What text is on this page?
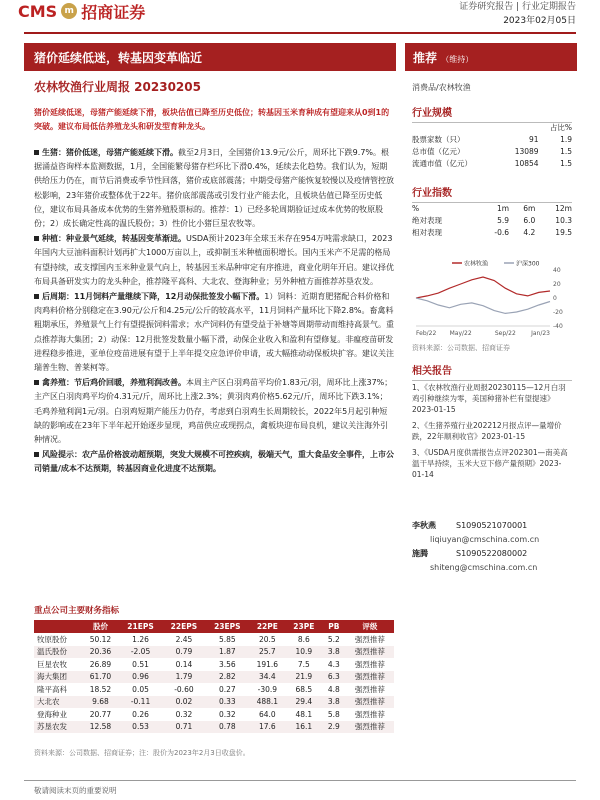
CMS m 招商证券	证券研究报告 | 行业定期报告
2023年02月05日
猪价延续低迷，转基因变革临近
农林牧渔行业周报 20230205
猪价延续低迷，母猪产能延续下滑，板块估值已降至历史低位；转基因玉米育种成有望迎来从0到1的突破。建议布局低估养殖龙头和研发型育种龙头。

生猪：猪价低迷，母猪产能延续下滑。截至2月3日，全国猪价13.9元/公斤，周环比下跌9.7%。根据涌益咨询样本监测数据，1月，全国能繁母猪存栏环比下滑0.4%，延续去化趋势。我们认为，短期供给压力仍在，而节后消费或季节性回落，猪价或底部震荡；中期受母猪产能恢复较慢以及疫情管控放松影响，23年猪价或整体优于22年。猪价底部震荡或引发行业产能去化，且板块估值已降至历史低位，建议布局具备成本优势的生猪养殖股票标的。推荐：1）已经多轮周期验证过成本优势的牧原股份；2）成长确定性高的温氏股份；3）性价比小猪巨星农牧等。

种植：种业景气延续，转基因变革渐进。USDA预计2023年全球玉米存在954万吨需求缺口，2023年国内大豆油料面积计划再扩大1000万亩以上，或抑制玉米种植面积增长。国内玉米产不足需的格局有望持续，或支撑国内玉米种业景气向上，转基因玉米品种审定有序推进，商业化明年开启。建议择优布局具备研发实力的龙头种企，推荐隆平高科、大北农、登海种业；另外种植方面推荐苏垦农发。

后周期：11月饲料产量继续下降，12月动保批签发小幅下滑。1）饲料：近期育肥猪配合料价格和肉鸡料价格分别稳定在3.90元/公斤和4.25元/公斤的较高水平，11月饲料产量环比下降2.8%。畜禽料粗期承压，养殖景气上行有望提振饲料需求；水产饲料仍有望受益于补塘等周期带动而维持高景气。重点推荐海大集团；2）动保：12月批签发数量小幅下滑，动保企业收入和盈利有望修复。非瘟疫苗研发进程稳步推进，亚单位疫苗进展有望于上半年提交应急评价申请，或大幅推动动保板块扩容。建议关注瑞普生物、普莱柯等。

禽养殖：节后鸡价回暖，养殖利润改善。本周主产区白羽鸡苗平均价1.83元/羽，周环比上涨37%；主产区白羽肉鸡平均价4.31元/斤，周环比上涨2.3%；黄羽肉鸡价格5.62元/斤，周环比下跌3.1%；毛鸡养殖利润1元/羽。白羽鸡短期产能压力仍存，考虑到白羽鸡生长周期较长，2022年5月起引种短缺的影响或在23年下半年起开始逐步显现，鸡苗供应或现拐点，禽板块迎布局良机，建议关注海外引种情况。

风险提示：农产品价格波动超预期，突发大规模不可控疾病，极端天气，重大食品安全事件，上市公司销量/成本不达预期，转基因商业化进度不达预期。

重点公司主要财务指标
	股价	21EPS	22EPS	23EPS	22PE	23PE	PB	评级
牧原股份	50.12	1.26	2.45	5.85	20.5	8.6	5.2	强烈推荐
温氏股份	20.36	-2.05	0.79	1.87	25.7	10.9	3.8	强烈推荐
巨星农牧	26.89	0.51	0.14	3.56	191.6	7.5	4.3	强烈推荐
海大集团	61.70	0.96	1.79	2.82	34.4	21.9	6.3	强烈推荐
隆平高科	18.52	0.05	-0.60	0.27	-30.9	68.5	4.8	强烈推荐
大北农	9.68	-0.11	0.02	0.33	488.1	29.4	3.8	强烈推荐
登海种业	20.77	0.26	0.32	0.32	64.0	48.1	5.8	强烈推荐
苏垦农发	12.58	0.53	0.71	0.78	17.6	16.1	2.9	强烈推荐
资料来源：公司数据、招商证券；注：股价为2023年2月3日收盘价。
敬请阅读末页的重要说明
推荐 （维持）
消费品/农林牧渔
行业规模
		占比%
股票家数（只）	91	1.9
总市值（亿元）	13089	1.5
流通市值（亿元）	10854	1.5
行业指数
%	1m	6m	12m
绝对表现	5.9	6.0	10.3
相对表现	-0.6	4.2	19.5
农林牧渔	沪深300
-40
-20
0
20
40
Feb/22 May/22	Sep/22	Jan/23
资料来源：公司数据、招商证券
相关报告
1、《农林牧渔行业周报20230115—12月白羽鸡引种继续为零，美国种猪补栏有望提速》2023-01-15
2、《生猪养殖行业202212月报点评—量增价跌，22年顺利收官》2023-01-15
3、《USDA月度供需报告点评202301—南美高温干旱持续，玉米大豆下修产量预期》2023-01-14
李秋燕	S1090521070001
liqiuyan@cmschina.com.cn
施腾	S1090522080002
shiteng@cmschina.com.cn
